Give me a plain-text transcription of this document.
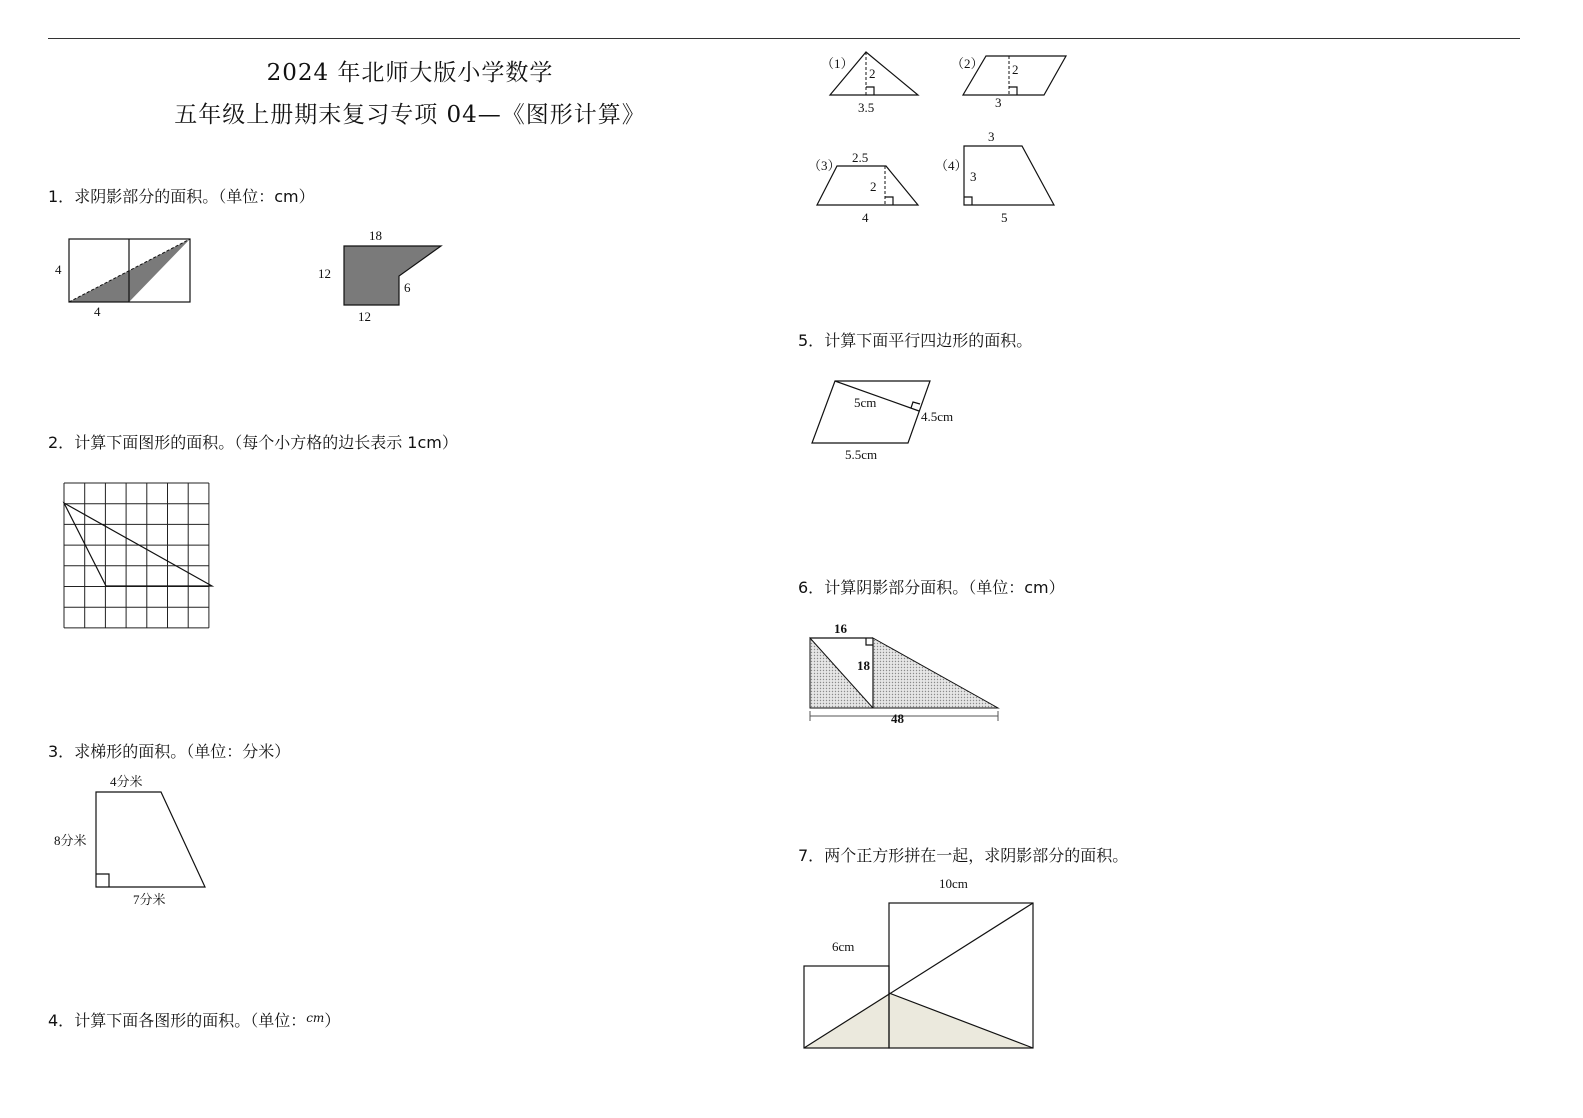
2024 年北师大版小学数学
五年级上册期末复习专项 04—《图形计算》
1．求阴影部分的面积。（单位：cm）
4
4
18
12
6
12
2．计算下面图形的面积。（每个小方格的边长表示 1cm）
3．求梯形的面积。（单位：分米）
4分米
8分米
7分米
4．计算下面各图形的面积。（单位：$^{cm}$）
（1）
2
3.5
（2） 2
3
（3）
2.5
2
4
（4）
3
3
5
5．计算下面平行四边形的面积。
5cm
4.5cm
5.5cm
6．计算阴影部分面积。（单位：cm）
16
18
48
7．两个正方形拼在一起，求阴影部分的面积。
10cm
6cm
